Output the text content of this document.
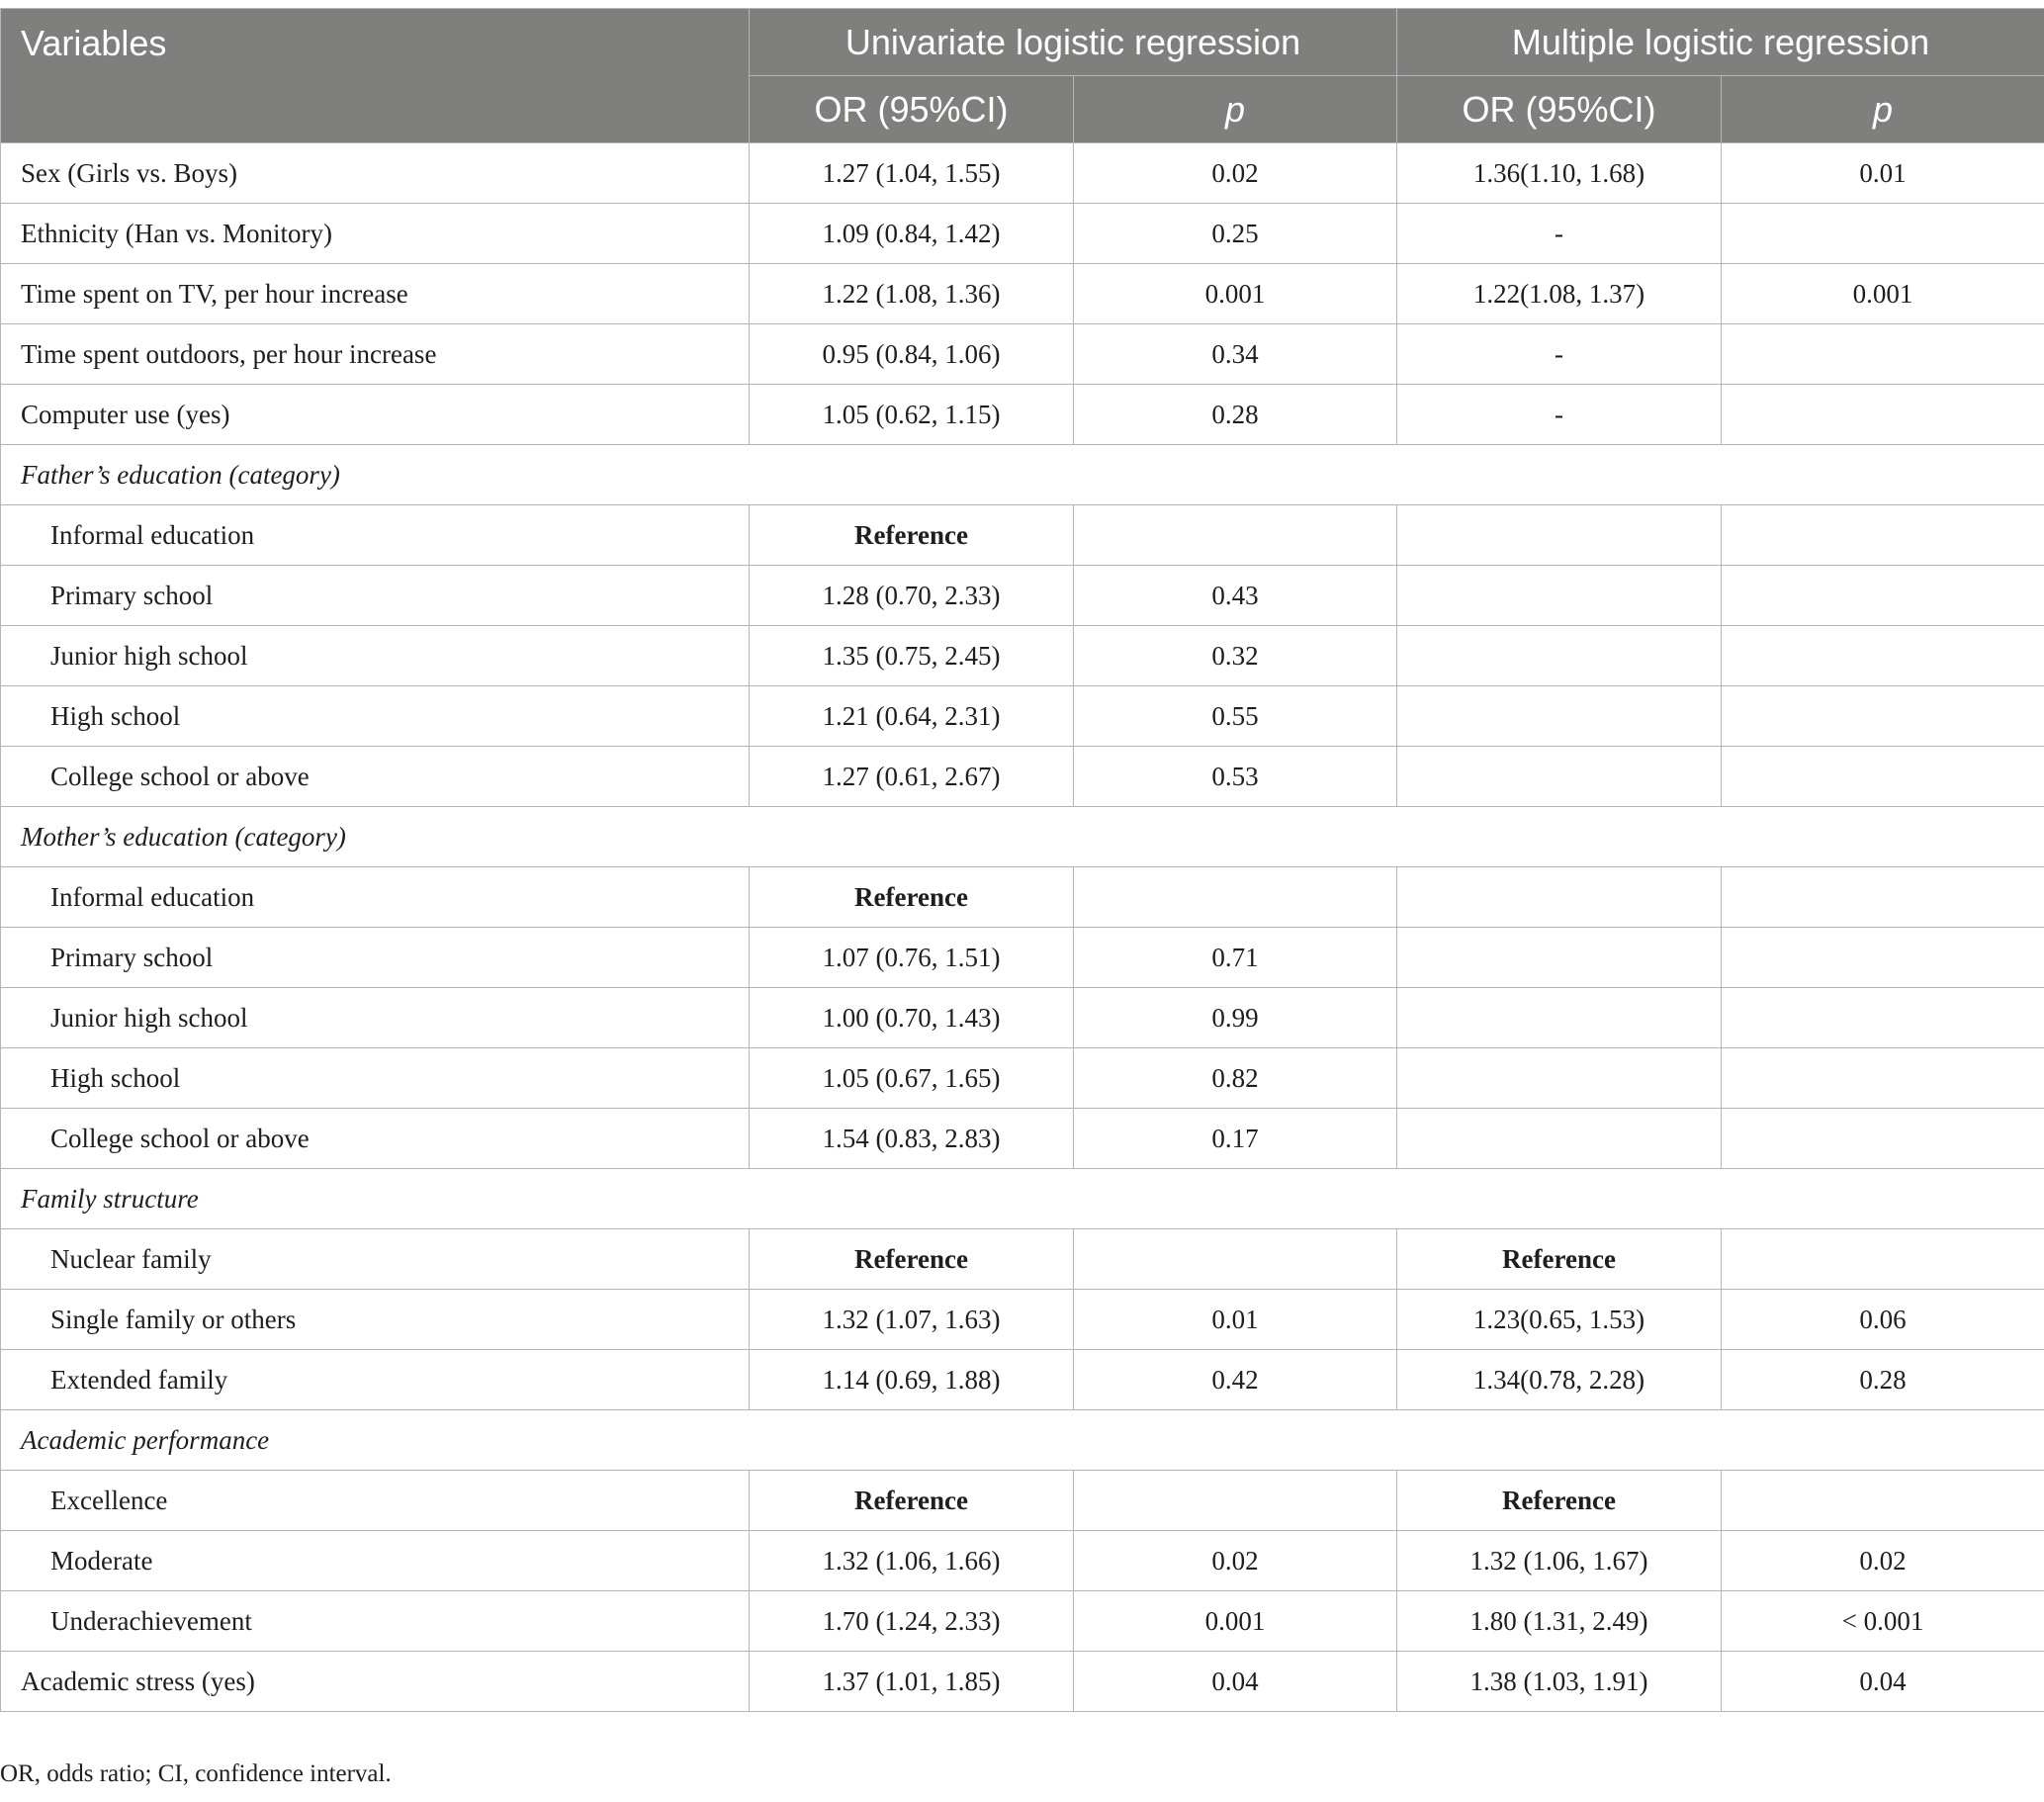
Variables	Univariate logistic regression		Multiple logistic regression	
	OR (95%CI)	p	OR (95%CI)	p
Sex (Girls vs. Boys)	1.27 (1.04, 1.55)	0.02	1.36(1.10, 1.68)	0.01
Ethnicity (Han vs. Monitory)	1.09 (0.84, 1.42)	0.25	-	
Time spent on TV, per hour increase	1.22 (1.08, 1.36)	0.001	1.22(1.08, 1.37)	0.001
Time spent outdoors, per hour increase	0.95 (0.84, 1.06)	0.34	-	
Computer use (yes)	1.05 (0.62, 1.15)	0.28	-	
Father’s education (category)				
Informal education	Reference			
Primary school	1.28 (0.70, 2.33)	0.43		
Junior high school	1.35 (0.75, 2.45)	0.32		
High school	1.21 (0.64, 2.31)	0.55		
College school or above	1.27 (0.61, 2.67)	0.53		
Mother’s education (category)				
Informal education	Reference			
Primary school	1.07 (0.76, 1.51)	0.71		
Junior high school	1.00 (0.70, 1.43)	0.99		
High school	1.05 (0.67, 1.65)	0.82		
College school or above	1.54 (0.83, 2.83)	0.17		
Family structure				
Nuclear family	Reference		Reference	
Single family or others	1.32 (1.07, 1.63)	0.01	1.23(0.65, 1.53)	0.06
Extended family	1.14 (0.69, 1.88)	0.42	1.34(0.78, 2.28)	0.28
Academic performance				
Excellence	Reference		Reference	
Moderate	1.32 (1.06, 1.66)	0.02	1.32 (1.06, 1.67)	0.02
Underachievement	1.70 (1.24, 2.33)	0.001	1.80 (1.31, 2.49)	< 0.001
Academic stress (yes)	1.37 (1.01, 1.85)	0.04	1.38 (1.03, 1.91)	0.04
OR, odds ratio; CI, confidence interval.
